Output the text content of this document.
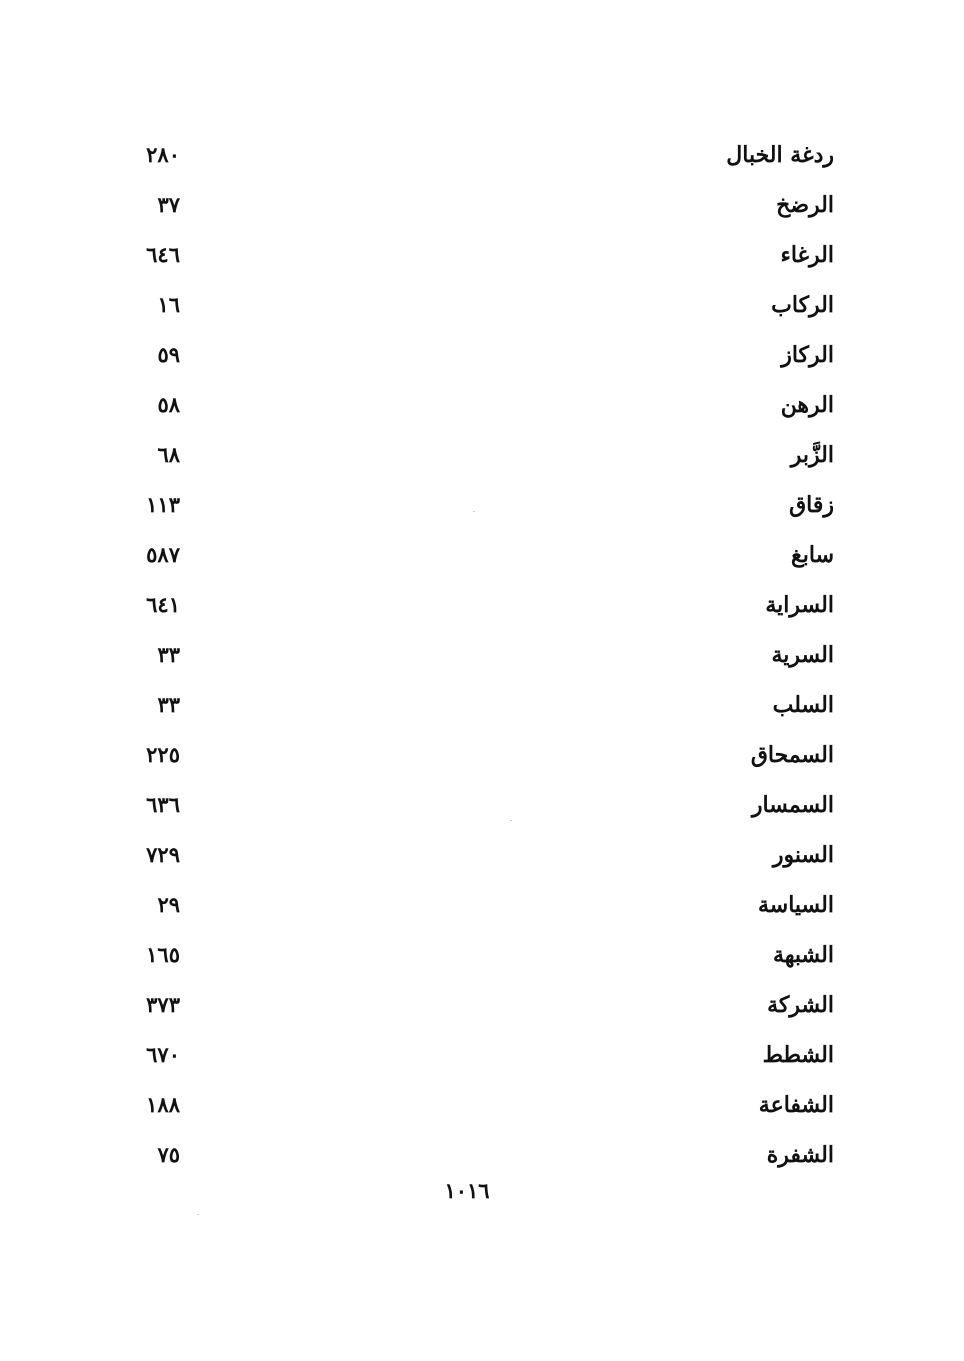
ردغة الخبال
٢٨٠
الرضخ
٣٧
الرغاء
٦٤٦
الركاب
١٦
الركاز
٥٩
الرهن
٥٨
الزَّبر
٦٨
زقاق
١١٣
سابغ
٥٨٧
السراية
٦٤١
السرية
٣٣
السلب
٣٣
السمحاق
٢٢٥
السمسار
٦٣٦
السنور
٧٢٩
السياسة
٢٩
الشبهة
١٦٥
الشركة
٣٧٣
الشطط
٦٧٠
الشفاعة
١٨٨
الشفرة
٧٥
١٠١٦
